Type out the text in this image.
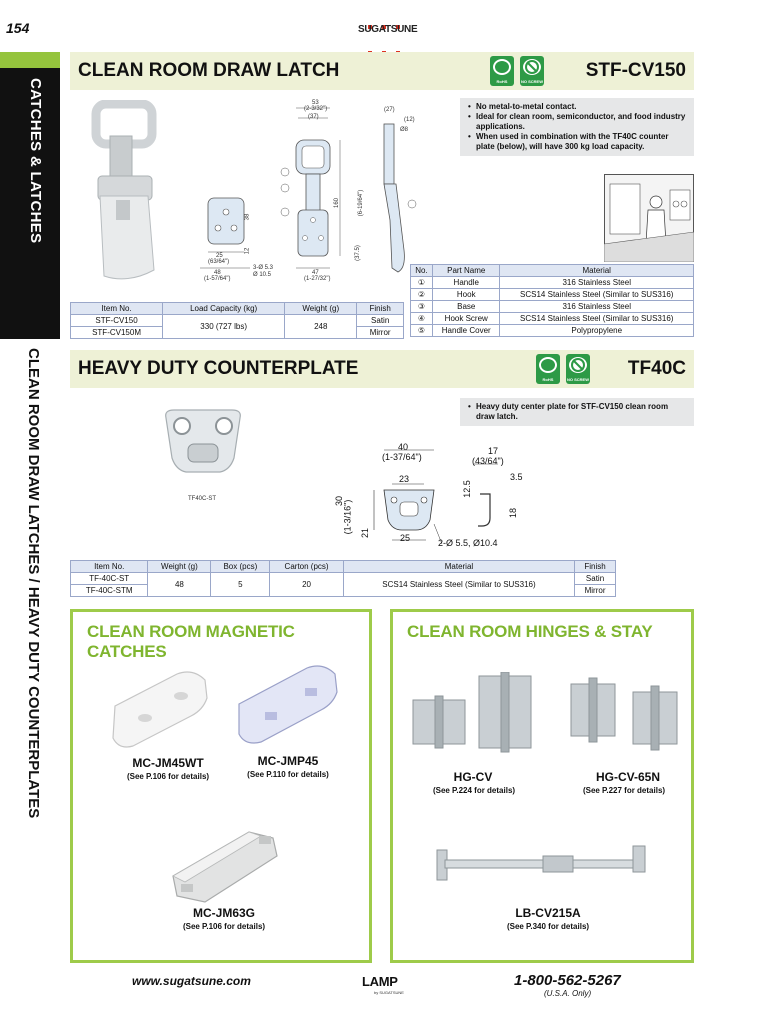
154	SUGATSUNE
CATCHES & LATCHES
CLEAN ROOM DRAW LATCHES / HEAVY DUTY COUNTERPLATES
CLEAN ROOM DRAW LATCH
RoHS	NO SCREW
STF-CV150
25
(63/64")
48
(1-57/64")
3-Ø 5.3
Ø 10.5
38
12
53
(2-3/32")
(37)
47
(1-27/32")
160	(6-19/64")
(37.5)
(27)
(12)
Ø8
• No metal-to-metal contact.
• Ideal for clean room, semiconductor, and food industry applications.
• When used in combination with the TF40C counter plate (below), will have 300 kg load capacity.
Item No.	Load Capacity (kg)	Weight (g)	Finish
STF-CV150	330 (727 lbs)	248	Satin
STF-CV150M			Mirror
No.	Part Name	Material
①	Handle	316 Stainless Steel
②	Hook	SCS14 Stainless Steel (Similar to SUS316)
③	Base	316 Stainless Steel
④	Hook Screw	SCS14 Stainless Steel (Similar to SUS316)
⑤	Handle Cover	Polypropylene
HEAVY DUTY COUNTERPLATE
RoHS	NO SCREW
TF40C
TF40C-ST
40
(1-37/64")
23
25
30
(1-3/16") 21
17
(43/64")
3.5
12.5
18
2-Ø 5.5, Ø10.4
• Heavy duty center plate for STF-CV150 clean room draw latch.
Item No.	Weight (g)	Box (pcs)	Carton (pcs)	Material	Finish
TF-40C-ST	48	5	20	SCS14 Stainless Steel (Similar to SUS316)	Satin
TF-40C-STM					Mirror
CLEAN ROOM MAGNETIC CATCHES
MC-JM45WT
(See P.106 for details)
MC-JMP45
(See P.110 for details)
MC-JM63G
(See P.106 for details)
CLEAN ROOM HINGES & STAY
HG-CV
(See P.224 for details)
HG-CV-65N
(See P.227 for details)
LB-CV215A
(See P.340 for details)
www.sugatsune.com	LAMP
by SUGATSUNE
1-800-562-5267
(U.S.A. Only)
